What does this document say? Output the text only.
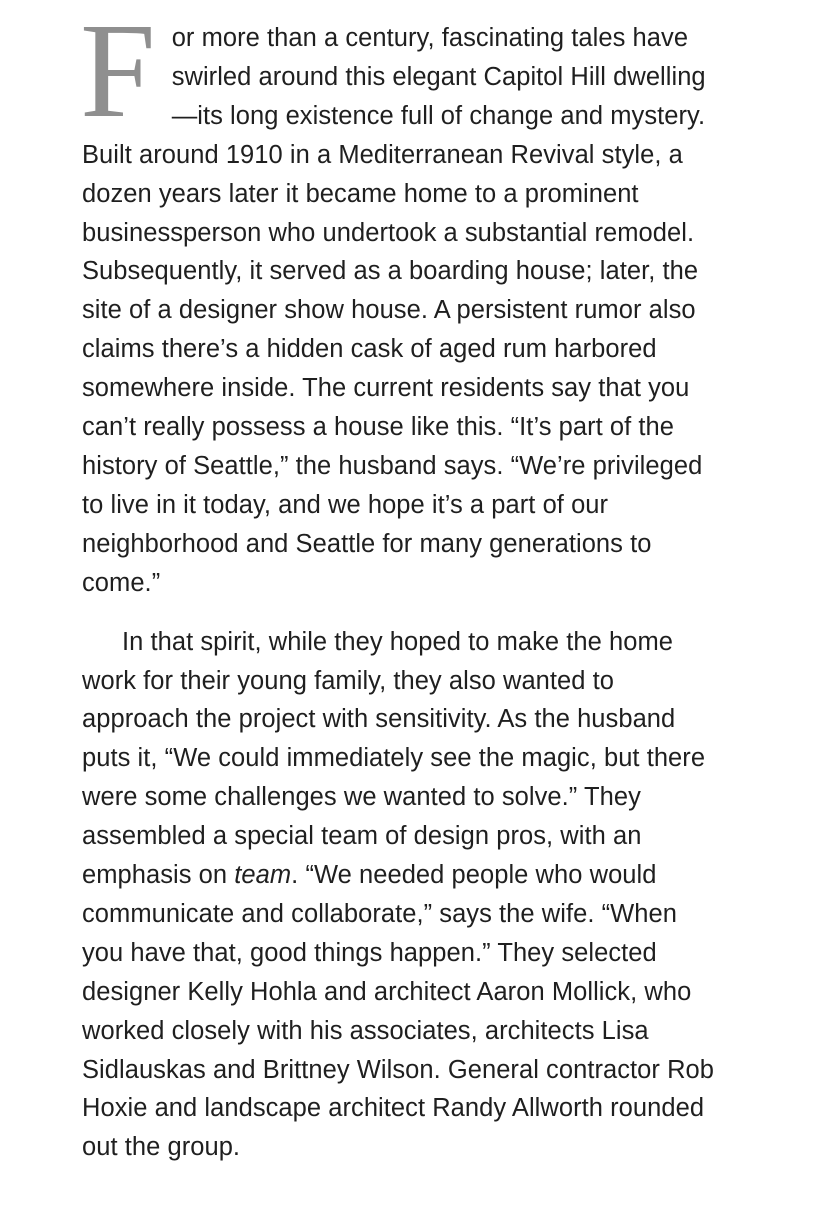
F or more than a century, fascinating tales have
swirled around this elegant Capitol Hill dwelling
—its long existence full of change and mystery.
Built around 1910 in a Mediterranean Revival style, a
dozen years later it became home to a prominent
businessperson who undertook a substantial remodel.
Subsequently, it served as a boarding house; later, the
site of a designer show house. A persistent rumor also
claims there’s a hidden cask of aged rum harbored
somewhere inside. The current residents say that you
can’t really possess a house like this. “It’s part of the
history of Seattle,” the husband says. “We’re privileged
to live in it today, and we hope it’s a part of our
neighborhood and Seattle for many generations to
come.”

In that spirit, while they hoped to make the home
work for their young family, they also wanted to
approach the project with sensitivity. As the husband
puts it, “We could immediately see the magic, but there
were some challenges we wanted to solve.” They
assembled a special team of design pros, with an
emphasis on team. “We needed people who would
communicate and collaborate,” says the wife. “When
you have that, good things happen.” They selected
designer Kelly Hohla and architect Aaron Mollick, who
worked closely with his associates, architects Lisa
Sidlauskas and Brittney Wilson. General contractor Rob
Hoxie and landscape architect Randy Allworth rounded
out the group.
